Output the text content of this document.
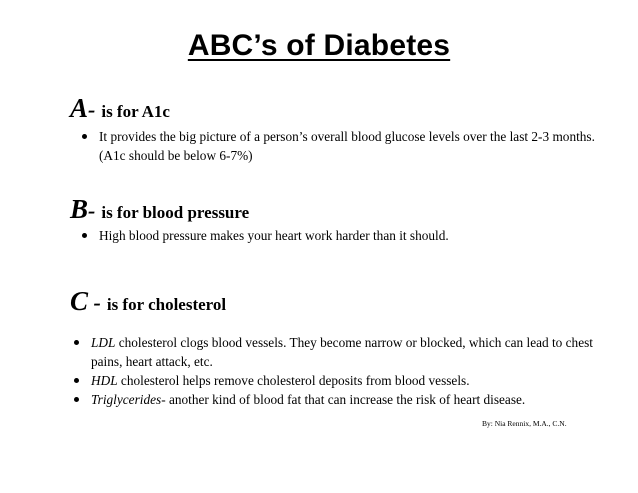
ABC’s of Diabetes
A- is for A1c
It provides the big picture of a person’s overall blood glucose levels over the last 2-3 months. (A1c should be below 6-7%)
B- is for blood pressure
High blood pressure makes your heart work harder than it should.
C - is for cholesterol
LDL cholesterol clogs blood vessels. They become narrow or blocked, which can lead to chest pains, heart attack, etc.
HDL cholesterol helps remove cholesterol deposits from blood vessels.
Triglycerides- another kind of blood fat that can increase the risk of heart disease.
By: Nia Rennix, M.A., C.N.
